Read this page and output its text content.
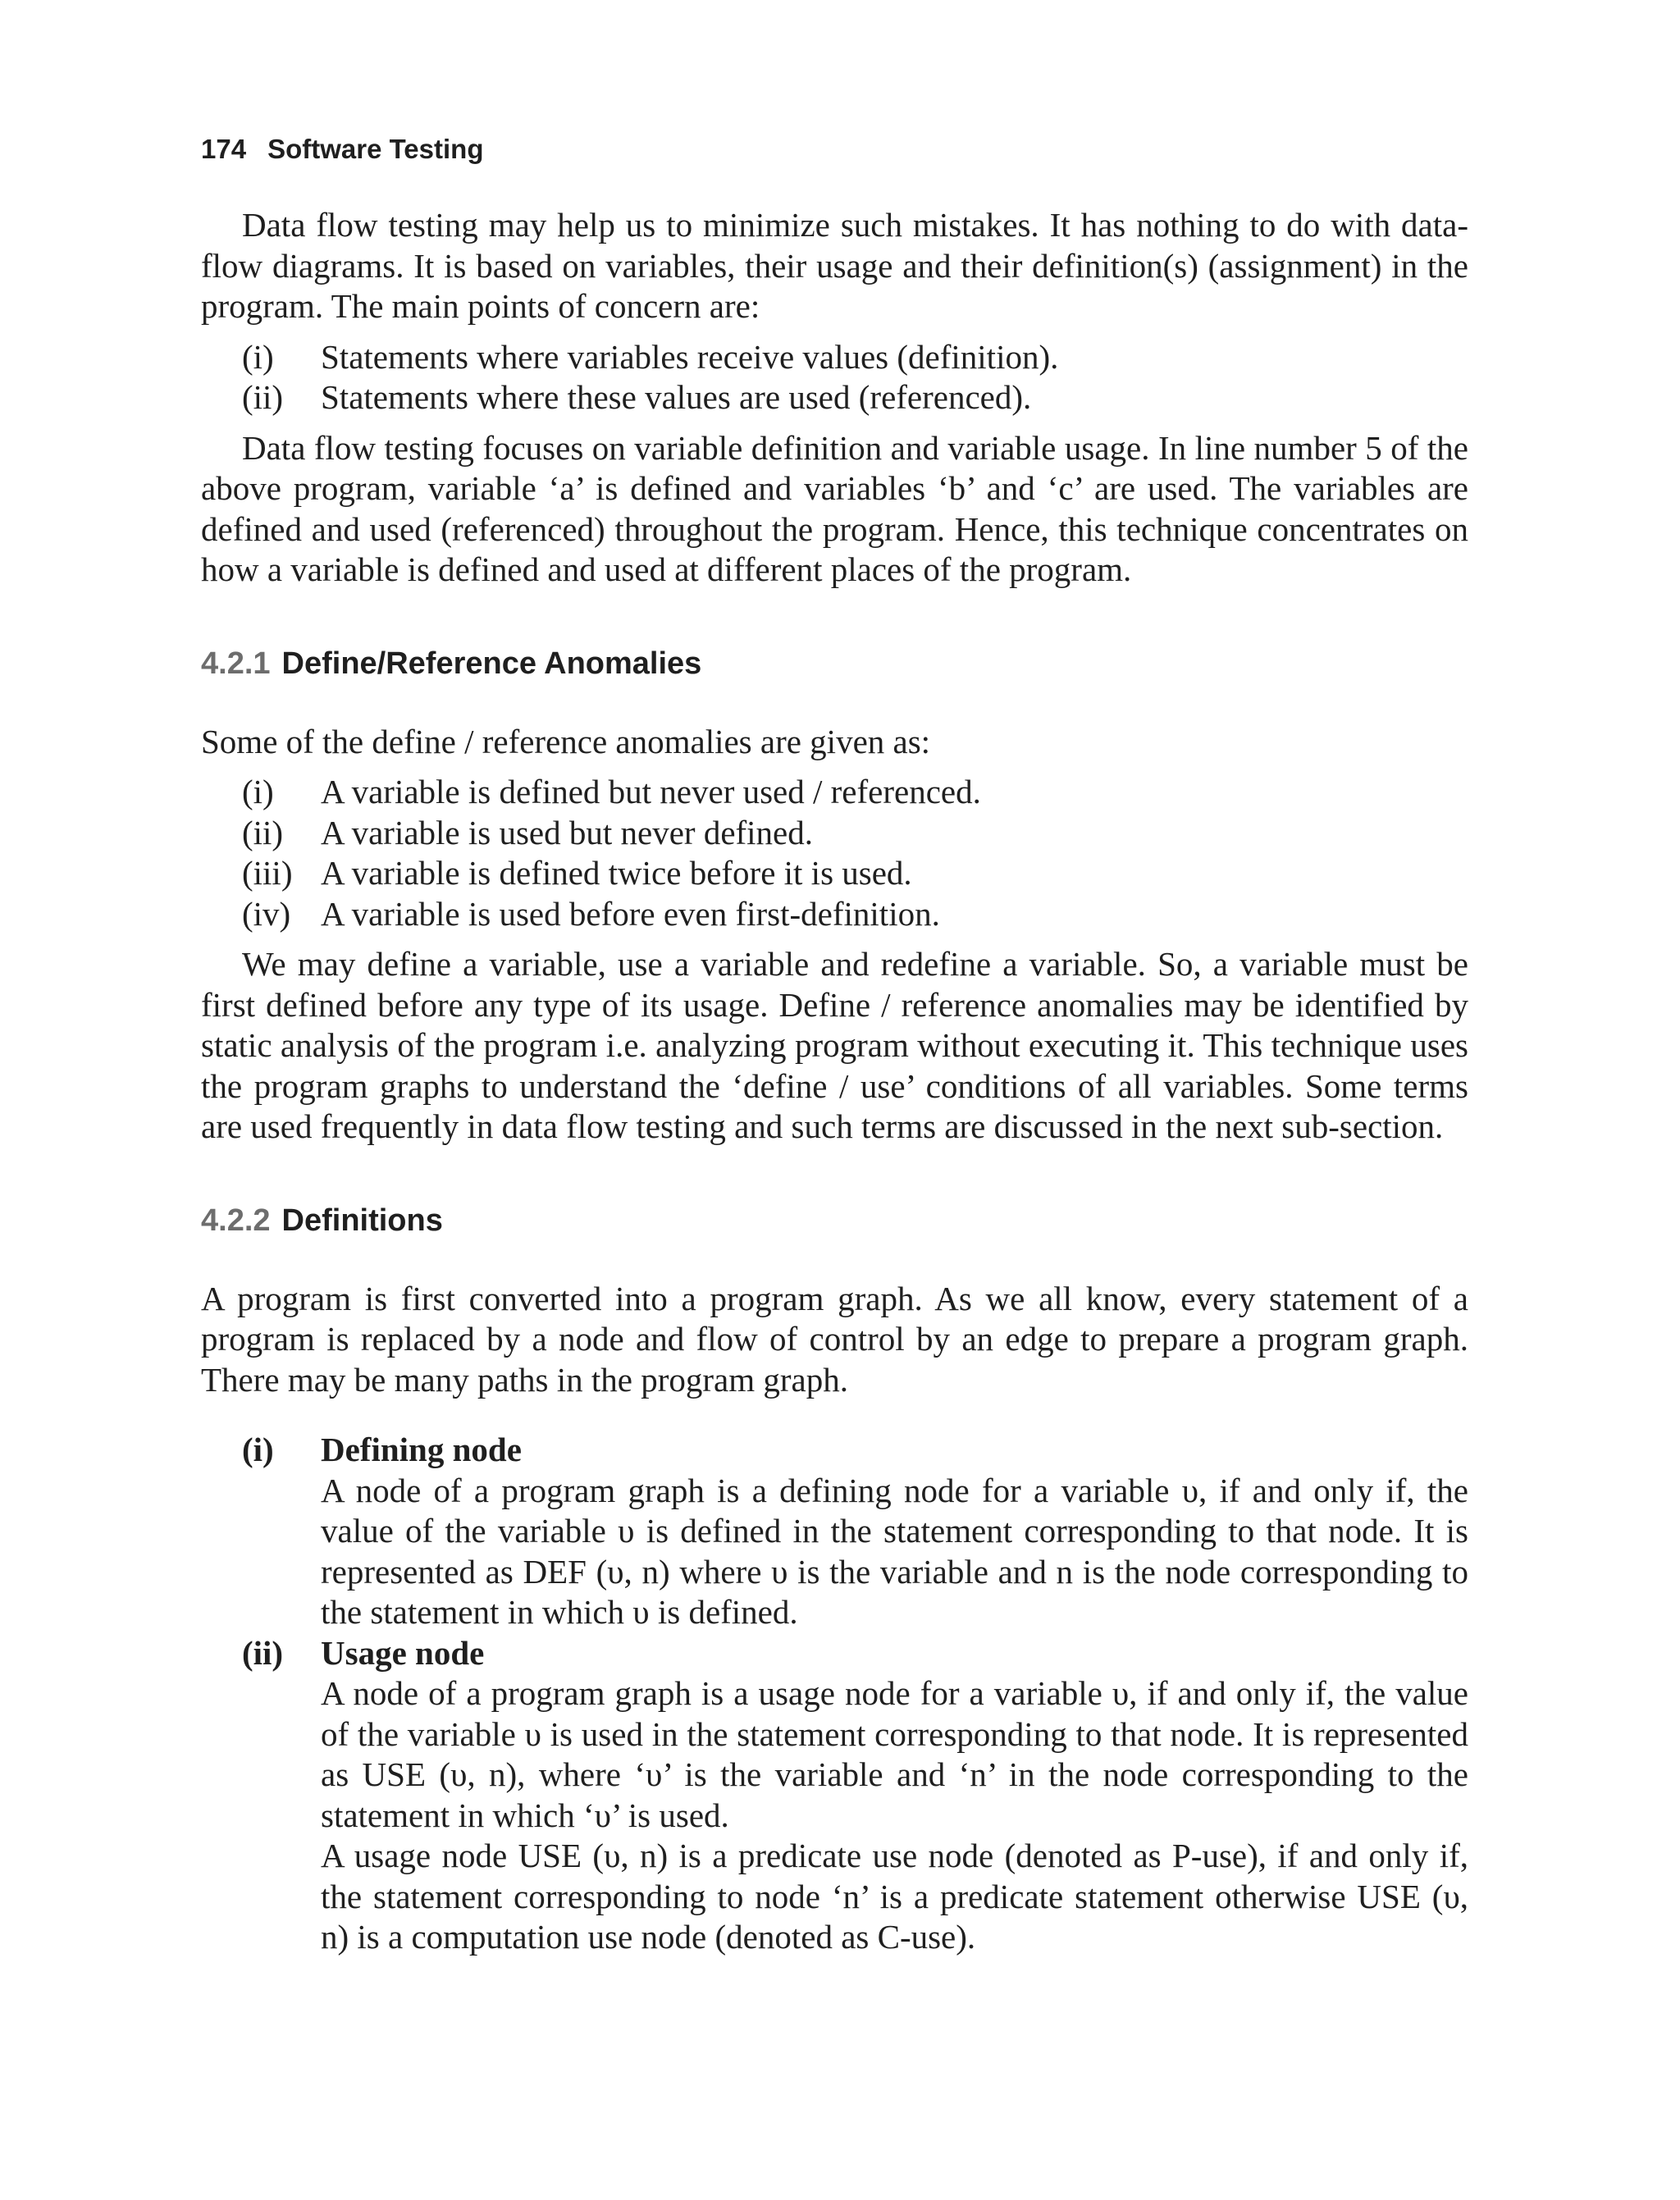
174 Software Testing

Data flow testing may help us to minimize such mistakes. It has nothing to do with data-flow diagrams. It is based on variables, their usage and their definition(s) (assignment) in the program. The main points of concern are:

(i)	Statements where variables receive values (definition).
(ii)	Statements where these values are used (referenced).

Data flow testing focuses on variable definition and variable usage. In line number 5 of the above program, variable ‘a’ is defined and variables ‘b’ and ‘c’ are used. The variables are defined and used (referenced) throughout the program. Hence, this technique concentrates on how a variable is defined and used at different places of the program.

4.2.1 Define/Reference Anomalies

Some of the define / reference anomalies are given as:

(i)	A variable is defined but never used / referenced.
(ii)	A variable is used but never defined.
(iii) A variable is defined twice before it is used.
(iv) A variable is used before even first-definition.

We may define a variable, use a variable and redefine a variable. So, a variable must be first defined before any type of its usage. Define / reference anomalies may be identified by static analysis of the program i.e. analyzing program without executing it. This technique uses the program graphs to understand the ‘define / use’ conditions of all variables. Some terms are used frequently in data flow testing and such terms are discussed in the next sub-section.

4.2.2 Definitions

A program is first converted into a program graph. As we all know, every statement of a program is replaced by a node and flow of control by an edge to prepare a program graph. There may be many paths in the program graph.

(i)	Defining node

A node of a program graph is a defining node for a variable υ, if and only if, the value of the variable υ is defined in the statement corresponding to that node. It is represented as DEF (υ, n) where υ is the variable and n is the node corresponding to the statement in which υ is defined.

(ii)	Usage node

A node of a program graph is a usage node for a variable υ, if and only if, the value of the variable υ is used in the statement corresponding to that node. It is represented as USE (υ, n), where ‘υ’ is the variable and ‘n’ in the node corresponding to the statement in which ‘υ’ is used.

A usage node USE (υ, n) is a predicate use node (denoted as P-use), if and only if, the statement corresponding to node ‘n’ is a predicate statement otherwise USE (υ, n) is a computation use node (denoted as C-use).
